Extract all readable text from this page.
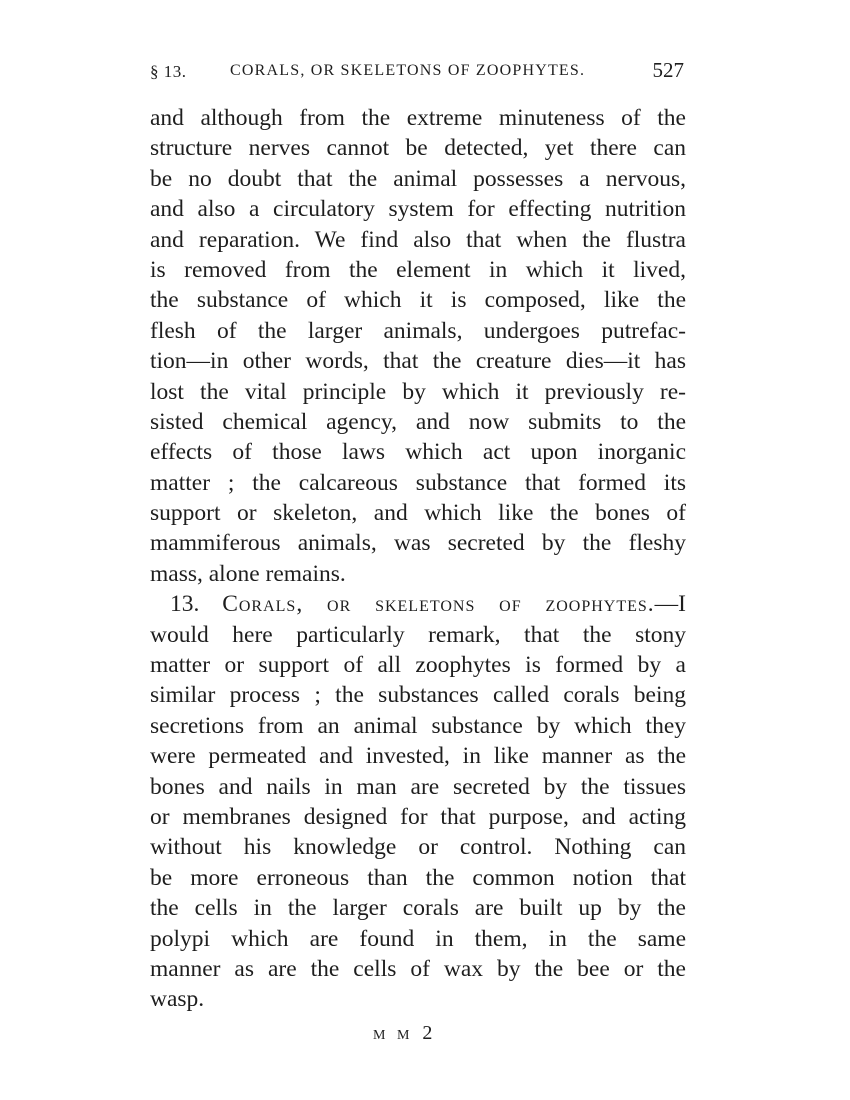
§ 13.	CORALS, OR SKELETONS OF ZOOPHYTES.	527
and although from the extreme minuteness of the
structure nerves cannot be detected, yet there can
be no doubt that the animal possesses a nervous,
and also a circulatory system for effecting nutrition
and reparation. We find also that when the flustra
is removed from the element in which it lived,
the substance of which it is composed, like the
flesh of the larger animals, undergoes putrefac-
tion—in other words, that the creature dies—it has
lost the vital principle by which it previously re-
sisted chemical agency, and now submits to the
effects of those laws which act upon inorganic
matter ; the calcareous substance that formed its
support or skeleton, and which like the bones of
mammiferous animals, was secreted by the fleshy
mass, alone remains.
13. Corals, or skeletons of zoophytes.—I
would here particularly remark, that the stony
matter or support of all zoophytes is formed by a
similar process ; the substances called corals being
secretions from an animal substance by which they
were permeated and invested, in like manner as the
bones and nails in man are secreted by the tissues
or membranes designed for that purpose, and acting
without his knowledge or control. Nothing can
be more erroneous than the common notion that
the cells in the larger corals are built up by the
polypi which are found in them, in the same
manner as are the cells of wax by the bee or the
wasp.
M M 2
